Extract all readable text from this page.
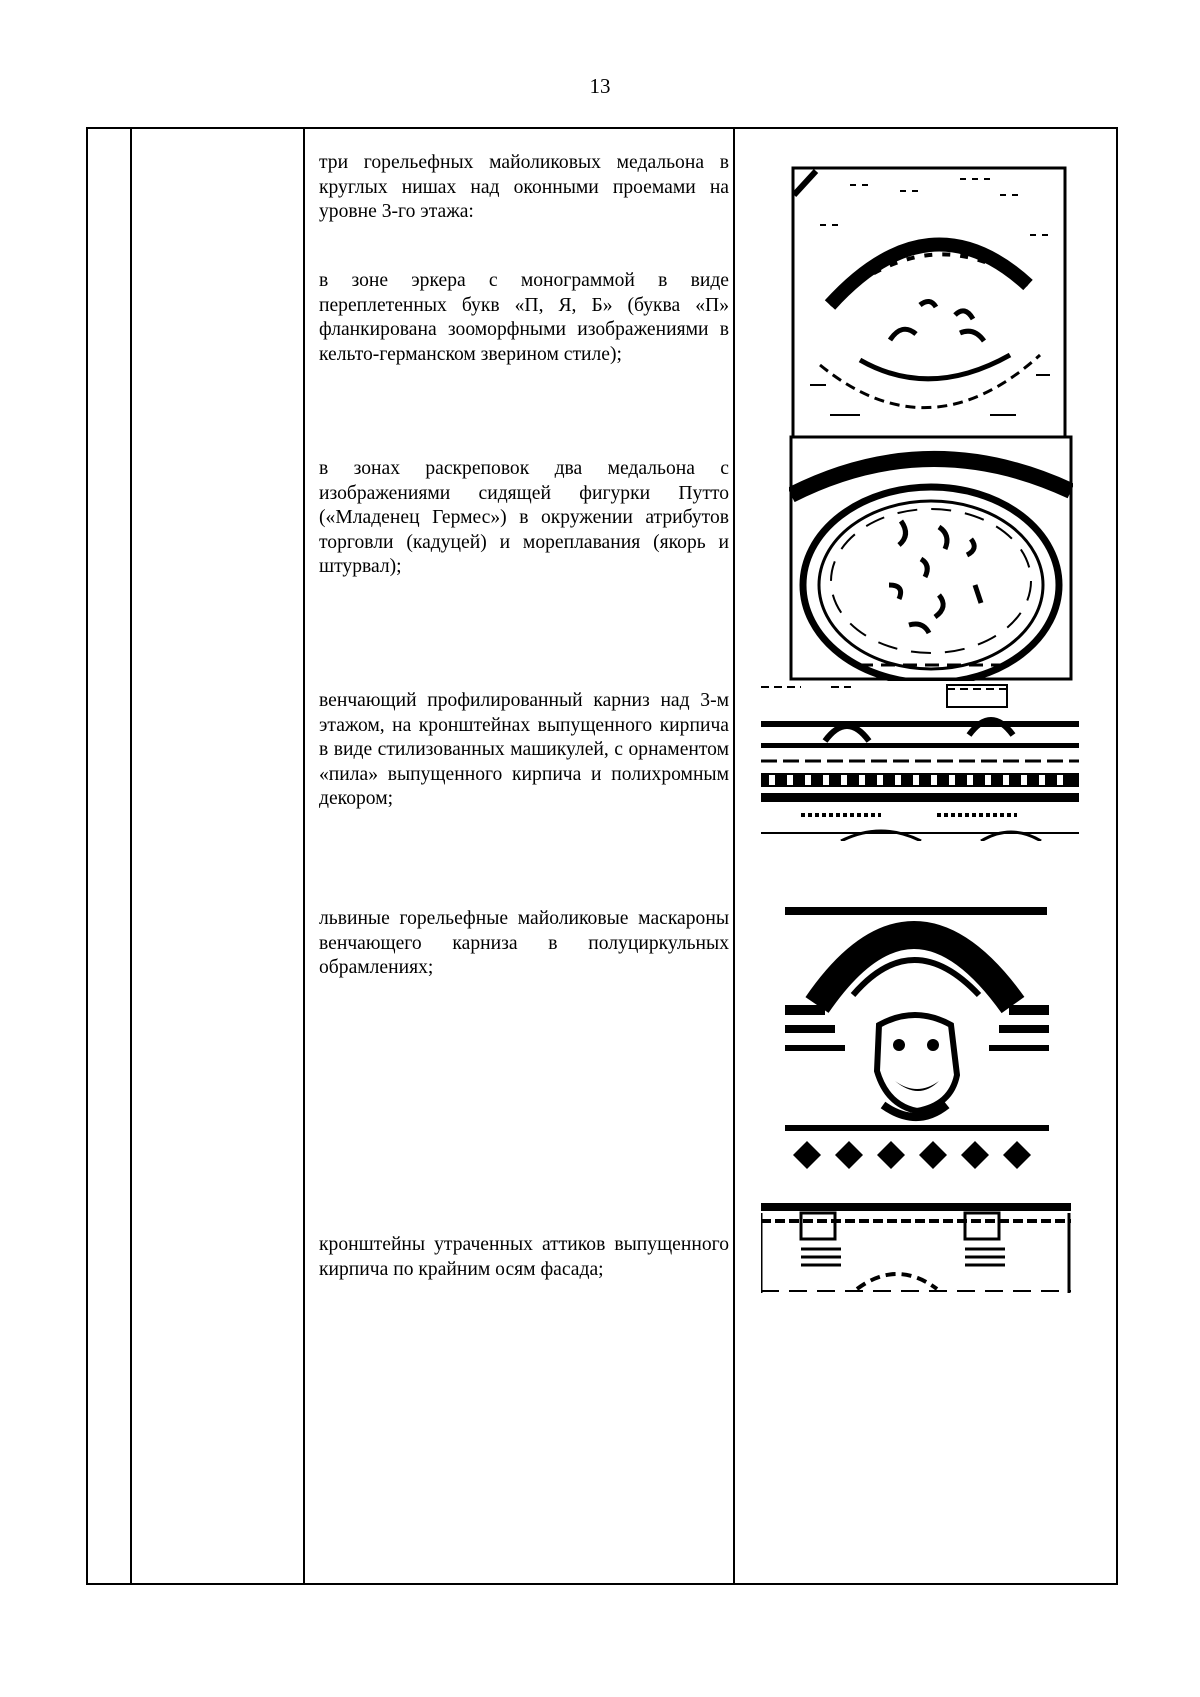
13
три горельефных майоликовых медальона в круглых нишах над оконными проемами на уровне 3-го этажа:
в зоне эркера с монограммой в виде переплетенных букв «П, Я, Б» (буква «П» фланкирована зооморфными изображениями в кельто-германском зверином стиле);
в зонах раскреповок два медальона с изображениями сидящей фигурки Путто («Младенец Гермес») в окружении атрибутов торговли (кадуцей) и мореплавания (якорь и штурвал);
венчающий профилированный карниз над 3-м этажом, на кронштейнах выпущенного кирпича в виде стилизованных машикулей, с орнаментом «пила» выпущенного кирпича и полихромным декором;
львиные горельефные майоликовые маскароны венчающего карниза в полуциркульных обрамлениях;
кронштейны утраченных аттиков выпущенного кирпича по крайним осям фасада;
